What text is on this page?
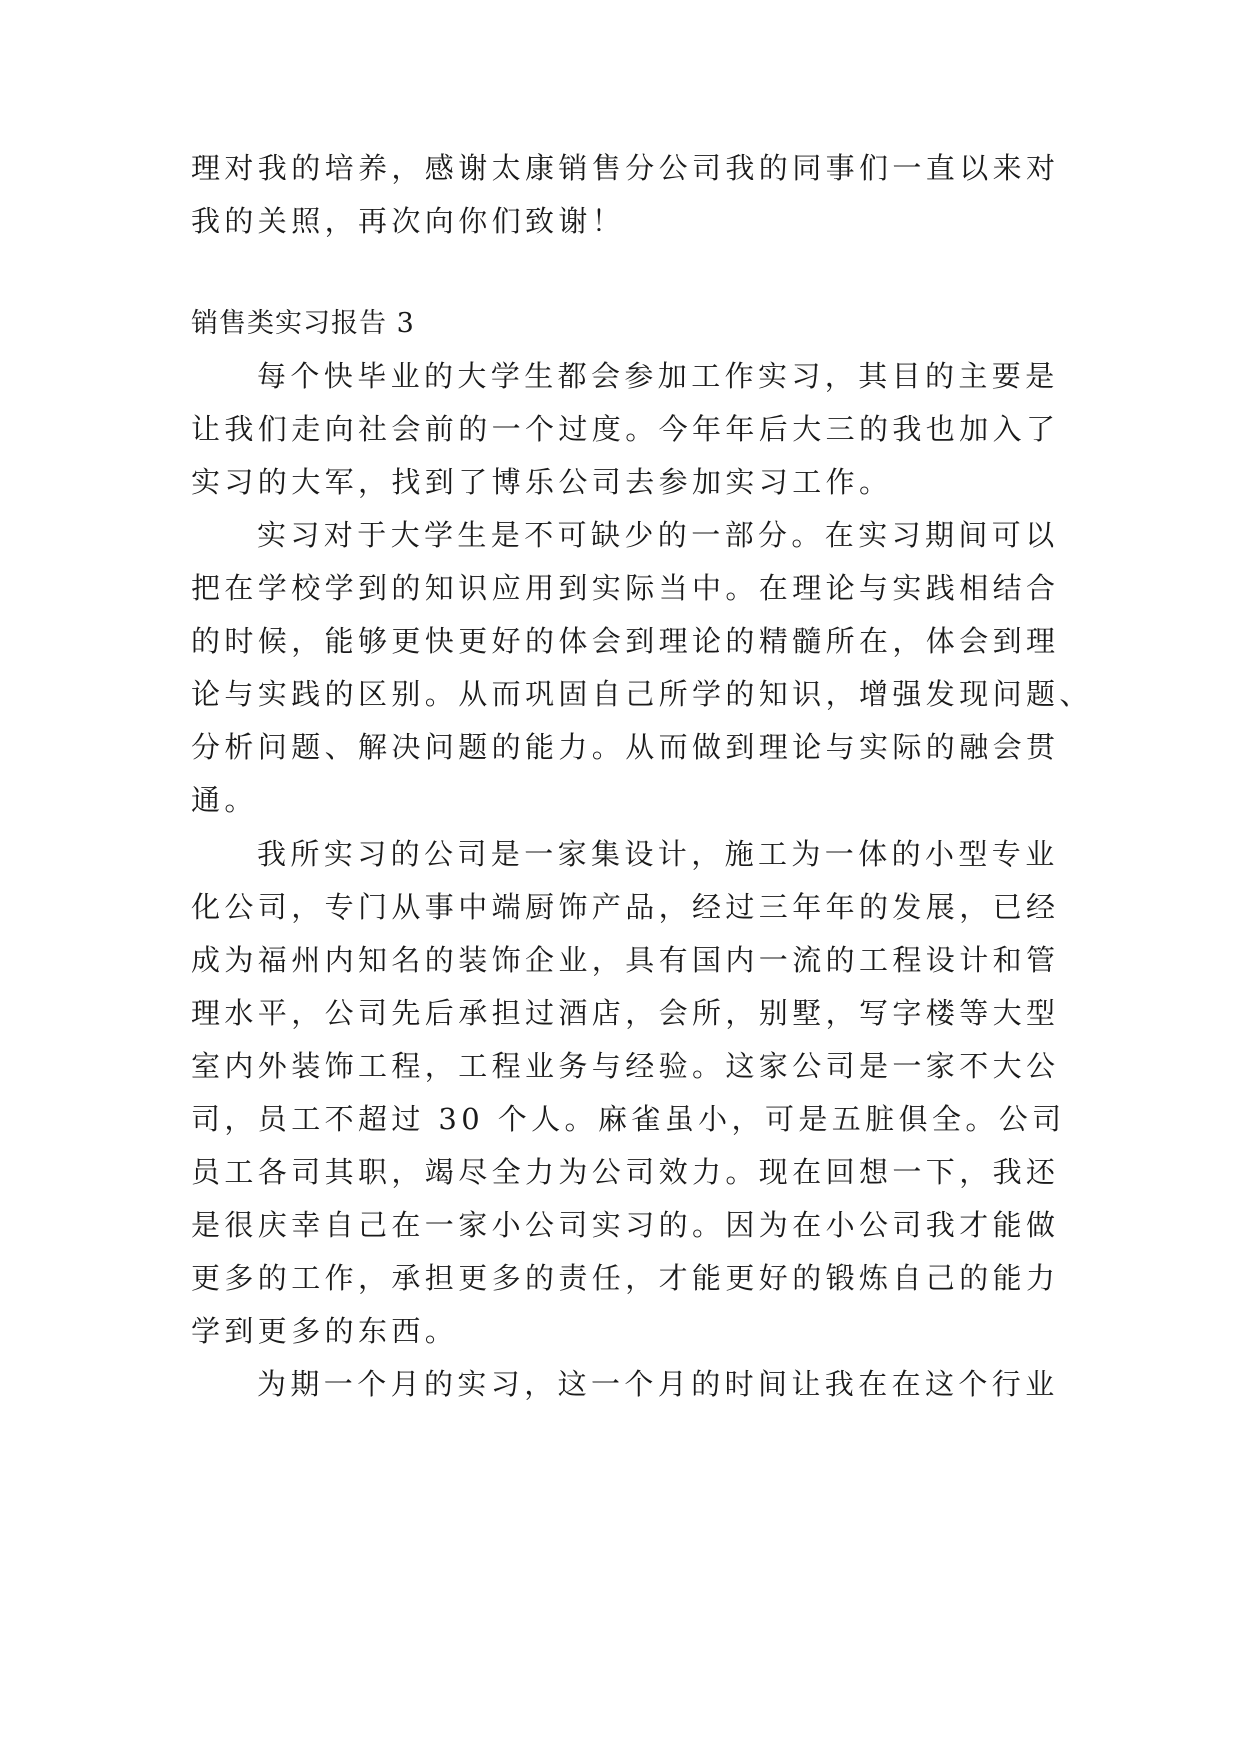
理对我的培养，感谢太康销售分公司我的同事们一直以来对
我的关照，再次向你们致谢！
销售类实习报告 3
每个快毕业的大学生都会参加工作实习，其目的主要是
让我们走向社会前的一个过度。今年年后大三的我也加入了
实习的大军，找到了博乐公司去参加实习工作。
实习对于大学生是不可缺少的一部分。在实习期间可以
把在学校学到的知识应用到实际当中。在理论与实践相结合
的时候，能够更快更好的体会到理论的精髓所在，体会到理
论与实践的区别。从而巩固自己所学的知识，增强发现问题、
分析问题、解决问题的能力。从而做到理论与实际的融会贯
通。
我所实习的公司是一家集设计，施工为一体的小型专业
化公司，专门从事中端厨饰产品，经过三年年的发展，已经
成为福州内知名的装饰企业，具有国内一流的工程设计和管
理水平，公司先后承担过酒店，会所，别墅，写字楼等大型
室内外装饰工程，工程业务与经验。这家公司是一家不大公
司，员工不超过 30 个人。麻雀虽小，可是五脏俱全。公司
员工各司其职，竭尽全力为公司效力。现在回想一下，我还
是很庆幸自己在一家小公司实习的。因为在小公司我才能做
更多的工作，承担更多的责任，才能更好的锻炼自己的能力
学到更多的东西。
为期一个月的实习，这一个月的时间让我在在这个行业
